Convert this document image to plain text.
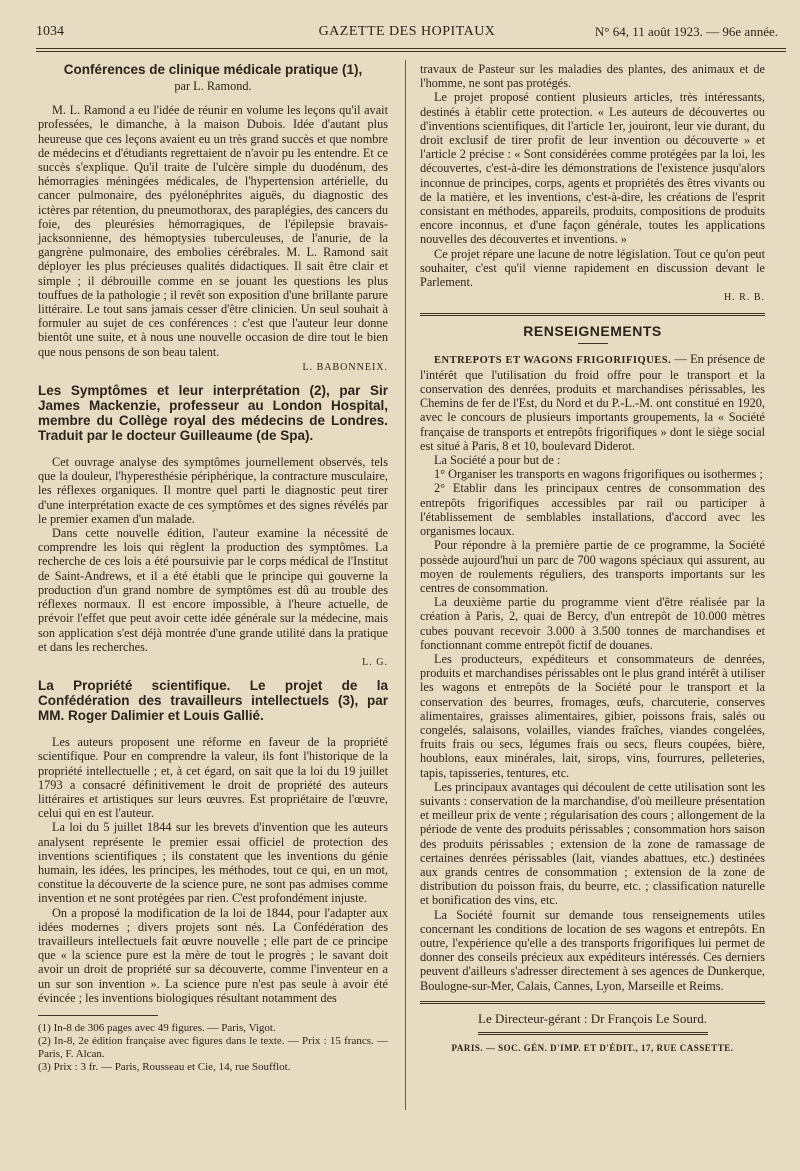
1034	GAZETTE DES HOPITAUX	N° 64, 11 août 1923. — 96e année.

Conférences de clinique médicale pratique (1),

par L. Ramond.

M. L. Ramond a eu l'idée de réunir en volume les leçons qu'il avait professées, le dimanche, à la maison Dubois. Idée d'autant plus heureuse que ces leçons avaient eu un très grand succès et que nombre de médecins et d'étudiants regrettaient de n'avoir pu les entendre. Et ce succès s'explique. Qu'il traite de l'ulcère simple du duodénum, des hémorragies méningées médicales, de l'hypertension artérielle, du cancer pulmonaire, des pyélonéphrites aiguës, du diagnostic des ictères par rétention, du pneumothorax, des paraplégies, des cancers du foie, des pleurésies hémorragiques, de l'épilepsie bravais-jacksonnienne, des hémoptysies tuberculeuses, de l'anurie, de la gangrène pulmonaire, des embolies cérébrales. M. L. Ramond sait déployer les plus précieuses qualités didactiques. Il sait être clair et simple ; il débrouille comme en se jouant les questions les plus touffues de la pathologie ; il revêt son exposition d'une brillante parure littéraire. Le tout sans jamais cesser d'être clinicien. Un seul souhait à formuler au sujet de ces conférences : c'est que l'auteur leur donne bientôt une suite, et à nous une nouvelle occasion de dire tout le bien que nous pensons de son beau talent.

L. BABONNEIX.

Les Symptômes et leur interprétation (2), par Sir James Mackenzie, professeur au London Hospital, membre du Collège royal des médecins de Londres. Traduit par le docteur Guilleaume (de Spa).

Cet ouvrage analyse des symptômes journellement observés, tels que la douleur, l'hyperesthésie périphérique, la contracture musculaire, les réflexes organiques. Il montre quel parti le diagnostic peut tirer d'une interprétation exacte de ces symptômes et des signes révélés par le premier examen d'un malade.

Dans cette nouvelle édition, l'auteur examine la nécessité de comprendre les lois qui règlent la production des symptômes. La recherche de ces lois a été poursuivie par le corps médical de l'Institut de Saint-Andrews, et il a été établi que le principe qui gouverne la production d'un grand nombre de symptômes est dû au trouble des réflexes normaux. Il est encore impossible, à l'heure actuelle, de prévoir l'effet que peut avoir cette idée générale sur la médecine, mais son application s'est déjà montrée d'une grande utilité dans la pratique et dans les recherches.

L. G.

La Propriété scientifique. Le projet de la Confédération des travailleurs intellectuels (3), par MM. Roger Dalimier et Louis Gallié.

Les auteurs proposent une réforme en faveur de la propriété scientifique. Pour en comprendre la valeur, ils font l'historique de la propriété intellectuelle ; et, à cet égard, on sait que la loi du 19 juillet 1793 a consacré définitivement le droit de propriété des auteurs littéraires et artistiques sur leurs œuvres. Est propriétaire de l'œuvre, celui qui en est l'auteur.

La loi du 5 juillet 1844 sur les brevets d'invention que les auteurs analysent représente le premier essai officiel de protection des inventions scientifiques ; ils constatent que les inventions du génie humain, les idées, les principes, les méthodes, tout ce qui, en un mot, constitue la découverte de la science pure, ne sont pas admises comme invention et ne sont protégées par rien. C'est profondément injuste.

On a proposé la modification de la loi de 1844, pour l'adapter aux idées modernes ; divers projets sont nés. La Confédération des travailleurs intellectuels fait œuvre nouvelle ; elle part de ce principe que « la science pure est la mère de tout le progrès ; le savant doit avoir un droit de propriété sur sa découverte, comme l'inventeur en a un sur son invention ». La science pure n'est pas seule à avoir été évincée ; les inventions biologiques résultant notamment des

(1) In-8 de 306 pages avec 49 figures. — Paris, Vigot.

(2) In-8, 2e édition française avec figures dans le texte. — Prix : 15 francs. — Paris, F. Alcan.

(3) Prix : 3 fr. — Paris, Rousseau et Cie, 14, rue Soufflot.

travaux de Pasteur sur les maladies des plantes, des animaux et de l'homme, ne sont pas protégés.

Le projet proposé contient plusieurs articles, très intéressants, destinés à établir cette protection. « Les auteurs de découvertes ou d'inventions scientifiques, dit l'article 1er, jouiront, leur vie durant, du droit exclusif de tirer profit de leur invention ou découverte » et l'article 2 précise : « Sont considérées comme protégées par la loi, les découvertes, c'est-à-dire les démonstrations de l'existence jusqu'alors inconnue de principes, corps, agents et propriétés des êtres vivants ou de la matière, et les inventions, c'est-à-dire, les créations de l'esprit consistant en méthodes, appareils, produits, compositions de produits encore inconnus, et d'une façon générale, toutes les applications nouvelles des découvertes et inventions. »

Ce projet répare une lacune de notre législation. Tout ce qu'on peut souhaiter, c'est qu'il vienne rapidement en discussion devant le Parlement.

H. R. B.

RENSEIGNEMENTS

ENTREPOTS ET WAGONS FRIGORIFIQUES. — En présence de l'intérêt que l'utilisation du froid offre pour le transport et la conservation des denrées, produits et marchandises périssables, les Chemins de fer de l'Est, du Nord et du P.-L.-M. ont constitué en 1920, avec le concours de plusieurs importants groupements, la « Société française de transports et entrepôts frigorifiques » dont le siège social est situé à Paris, 8 et 10, boulevard Diderot.

La Société a pour but de :

1° Organiser les transports en wagons frigorifiques ou isothermes ;

2° Etablir dans les principaux centres de consommation des entrepôts frigorifiques accessibles par rail ou participer à l'établissement de semblables installations, d'accord avec les organismes locaux.

Pour répondre à la première partie de ce programme, la Société possède aujourd'hui un parc de 700 wagons spéciaux qui assurent, au moyen de roulements réguliers, des transports importants sur les centres de consommation.

La deuxième partie du programme vient d'être réalisée par la création à Paris, 2, quai de Bercy, d'un entrepôt de 10.000 mètres cubes pouvant recevoir 3.000 à 3.500 tonnes de marchandises et fonctionnant comme entrepôt fictif de douanes.

Les producteurs, expéditeurs et consommateurs de denrées, produits et marchandises périssables ont le plus grand intérêt à utiliser les wagons et entrepôts de la Société pour le transport et la conservation des beurres, fromages, œufs, charcuterie, conserves alimentaires, graisses alimentaires, gibier, poissons frais, salés ou congelés, salaisons, volailles, viandes fraîches, viandes congelées, fruits frais ou secs, légumes frais ou secs, fleurs coupées, bière, houblons, eaux minérales, lait, sirops, vins, fourrures, pelleteries, tapis, tapisseries, tentures, etc.

Les principaux avantages qui découlent de cette utilisation sont les suivants : conservation de la marchandise, d'où meilleure présentation et meilleur prix de vente ; régularisation des cours ; allongement de la période de vente des produits périssables ; consommation hors saison des produits périssables ; extension de la zone de ramassage de certaines denrées périssables (lait, viandes abattues, etc.) destinées aux grands centres de consommation ; extension de la zone de distribution du poisson frais, du beurre, etc. ; classification naturelle et bonification des vins, etc.

La Société fournit sur demande tous renseignements utiles concernant les conditions de location de ses wagons et entrepôts. En outre, l'expérience qu'elle a des transports frigorifiques lui permet de donner des conseils précieux aux expéditeurs intéressés. Ces derniers peuvent d'ailleurs s'adresser directement à ses agences de Dunkerque, Boulogne-sur-Mer, Calais, Cannes, Lyon, Marseille et Reims.

Le Directeur-gérant : Dr François Le Sourd.
PARIS. — SOC. GÉN. D'IMP. ET D'ÉDIT., 17, RUE CASSETTE.
